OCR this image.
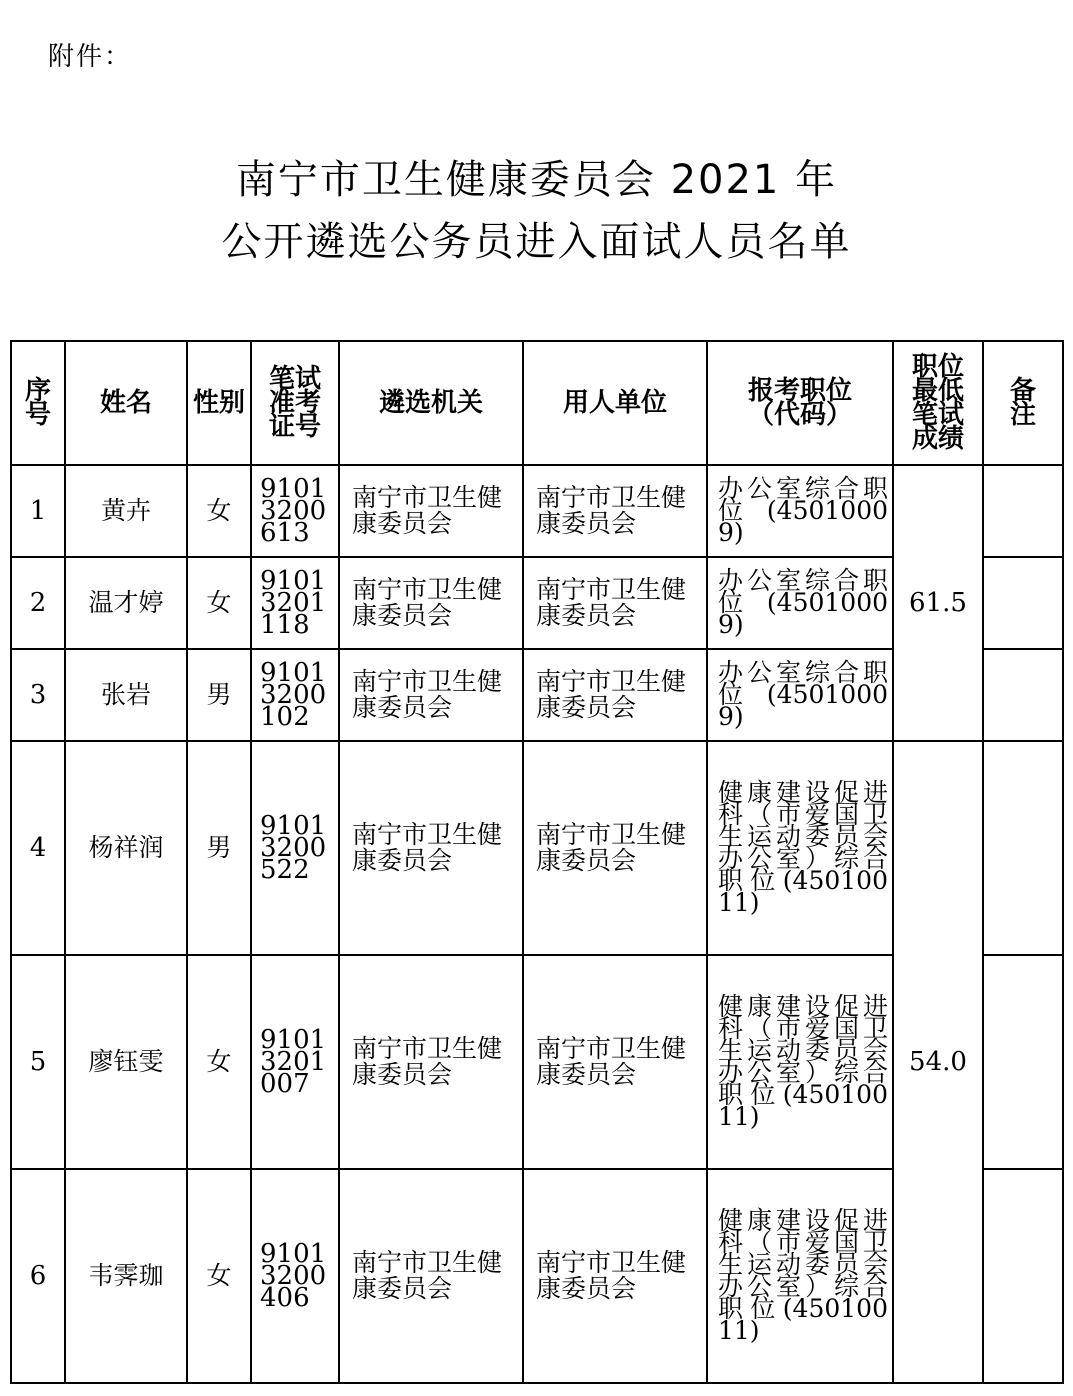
附件：
南宁市卫生健康委员会 2021 年
公开遴选公务员进入面试人员名单
序号	姓名	性别	笔试
准考
证号	遴选机关	用人单位	报考职位
（代码）	职位
最低
笔试
成绩	备注
1	黄卉	女	9101
3200
613	南宁市卫生健康委员会	南宁市卫生健康委员会	办公室综合职位(45010009)	61.5	
2	温才婷	女	9101
3201
118	南宁市卫生健康委员会	南宁市卫生健康委员会	办公室综合职位(45010009)		
3	张岩	男	9101
3200
102	南宁市卫生健康委员会	南宁市卫生健康委员会	办公室综合职位(45010009)		
4	杨祥润	男	9101
3200
522	南宁市卫生健康委员会	南宁市卫生健康委员会	健康建设促进科（市爱国卫生运动委员会办公室）综合职位(45010011)	54.0	
5	廖钰雯	女	9101
3201
007	南宁市卫生健康委员会	南宁市卫生健康委员会	健康建设促进科（市爱国卫生运动委员会办公室）综合职位(45010011)		
6	韦霁珈	女	9101
3200
406	南宁市卫生健康委员会	南宁市卫生健康委员会	健康建设促进科（市爱国卫生运动委员会办公室）综合职位(45010011)		
